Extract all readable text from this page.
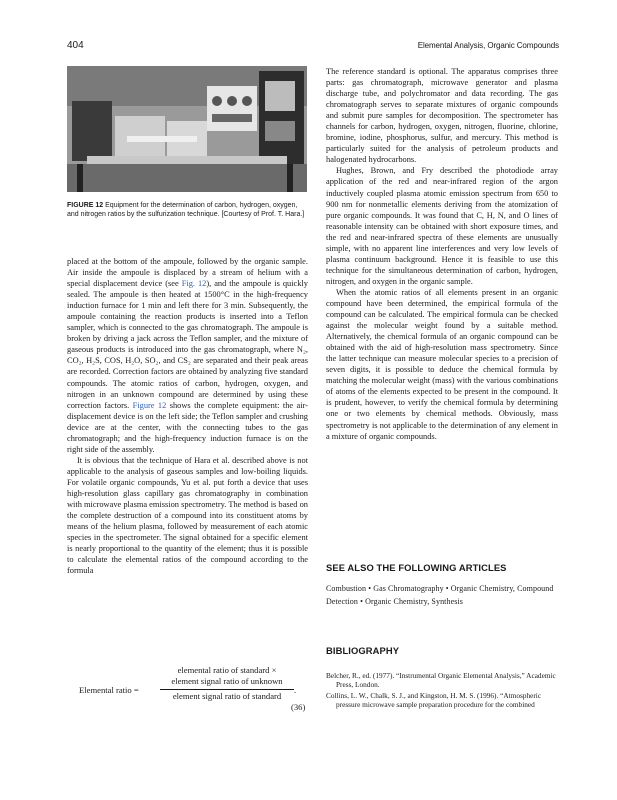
404	Elemental Analysis, Organic Compounds
FIGURE 12 Equipment for the determination of carbon, hydrogen, oxygen, and nitrogen ratios by the sulfurization technique. [Courtesy of Prof. T. Hara.]

placed at the bottom of the ampoule, followed by the organic sample. Air inside the ampoule is displaced by a stream of helium with a special displacement device (see Fig. 12), and the ampoule is quickly sealed. The ampoule is then heated at 1500°C in the high-frequency induction furnace for 1 min and left there for 3 min. Subsequently, the ampoule containing the reaction products is inserted into a Teflon sampler, which is connected to the gas chromatograph. The ampoule is broken by driving a jack across the Teflon sampler, and the mixture of gaseous products is introduced into the gas chromatograph, where N₂, CO₂, H₂S, COS, H₂O, SO₂, and CS₂ are separated and their peak areas are recorded. Correction factors are obtained by analyzing five standard compounds. The atomic ratios of carbon, hydrogen, oxygen, and nitrogen in an unknown compound are determined by using these correction factors. Figure 12 shows the complete equipment: the air-displacement device is on the left side; the Teflon sampler and crushing device are at the center, with the connecting tubes to the gas chromatograph; and the high-frequency induction furnace is on the right side of the assembly.

It is obvious that the technique of Hara et al. described above is not applicable to the analysis of gaseous samples and low-boiling liquids. For volatile organic compounds, Yu et al. put forth a device that uses high-resolution glass capillary gas chromatography in combination with microwave plasma emission spectrometry. The method is based on the complete destruction of a compound into its constituent atoms by means of the helium plasma, followed by measurement of each atomic species in the spectrometer. The signal obtained for a specific element is nearly proportional to the quantity of the element; thus it is possible to calculate the elemental ratios of the compound according to the formula

Elemental ratio =
elemental ratio of standard ×
element signal ratio of unknown
element signal ratio of standard
.
(36)

The reference standard is optional. The apparatus comprises three parts: gas chromatograph, microwave generator and plasma discharge tube, and polychromator and data recording. The gas chromatograph serves to separate mixtures of organic compounds and submit pure samples for decomposition. The spectrometer has channels for carbon, hydrogen, oxygen, nitrogen, fluorine, chlorine, bromine, iodine, phosphorus, sulfur, and mercury. This method is particularly suited for the analysis of petroleum products and halogenated hydrocarbons.

Hughes, Brown, and Fry described the photodiode array application of the red and near-infrared region of the argon inductively coupled plasma atomic emission spectrum from 650 to 900 nm for nonmetallic elements deriving from the atomization of pure organic compounds. It was found that C, H, N, and O lines of reasonable intensity can be obtained with short exposure times, and the red and near-infrared spectra of these elements are unusually simple, with no apparent line interferences and very low levels of plasma continuum background. Hence it is feasible to use this technique for the simultaneous determination of carbon, hydrogen, nitrogen, and oxygen in the organic sample.

When the atomic ratios of all elements present in an organic compound have been determined, the empirical formula of the compound can be calculated. The empirical formula can be checked against the molecular weight found by a suitable method. Alternatively, the chemical formula of an organic compound can be obtained with the aid of high-resolution mass spectrometry. Since the latter technique can measure molecular species to a precision of seven digits, it is possible to deduce the chemical formula by matching the molecular weight (mass) with the various combinations of atoms of the elements expected to be present in the compound. It is prudent, however, to verify the chemical formula by determining one or two elements by chemical methods. Obviously, mass spectrometry is not applicable to the determination of any element in a mixture of organic compounds.

SEE ALSO THE FOLLOWING ARTICLES
Combustion • Gas Chromatography • Organic Chemistry, Compound Detection • Organic Chemistry, Synthesis
BIBLIOGRAPHY

Belcher, R., ed. (1977). “Instrumental Organic Elemental Analysis,” Academic Press, London.

Collins, L. W., Chalk, S. J., and Kingston, H. M. S. (1996). “Atmospheric pressure microwave sample preparation procedure for the combined
